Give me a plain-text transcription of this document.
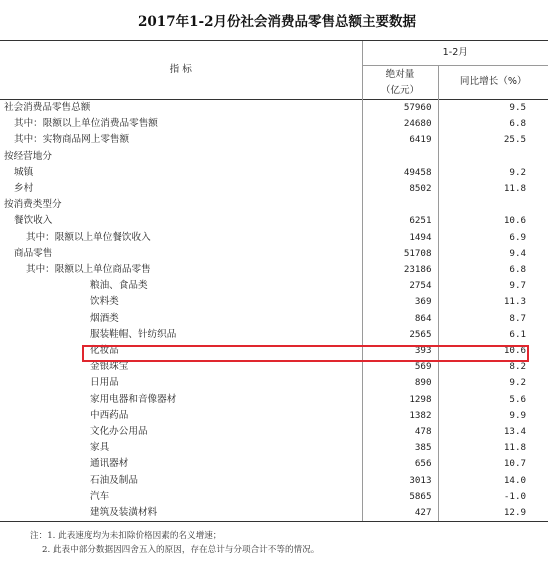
2017年1-2月份社会消费品零售总额主要数据
指 标	1-2月	
	绝对量	同比增长（%）
	（亿元）	
社会消费品零售总额	57960	9.5
其中：限额以上单位消费品零售额	24680	6.8
其中：实物商品网上零售额	6419	25.5
按经营地分		
城镇	49458	9.2
乡村	8502	11.8
按消费类型分		
餐饮收入	6251	10.6
其中：限额以上单位餐饮收入	1494	6.9
商品零售	51708	9.4
其中：限额以上单位商品零售	23186	6.8
粮油、食品类	2754	9.7
饮料类	369	11.3
烟酒类	864	8.7
服装鞋帽、针纺织品	2565	6.1
化妆品	393	10.6
金银珠宝	569	8.2
日用品	890	9.2
家用电器和音像器材	1298	5.6
中西药品	1382	9.9
文化办公用品	478	13.4
家具	385	11.8
通讯器材	656	10.7
石油及制品	3013	14.0
汽车	5865	-1.0
建筑及装潢材料	427	12.9
注：1. 此表速度均为未扣除价格因素的名义增速；
2. 此表中部分数据因四舍五入的原因，存在总计与分项合计不等的情况。
